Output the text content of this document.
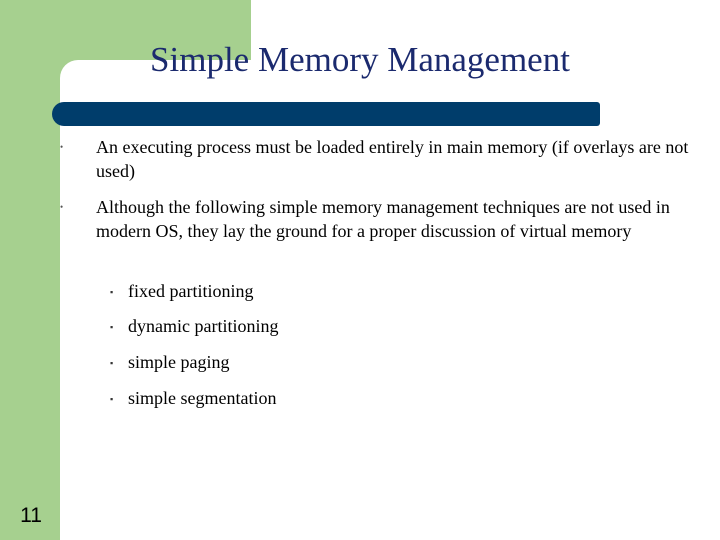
Simple Memory Management

• An executing process must be loaded entirely in main memory (if overlays are not used)

• Although the following simple memory management techniques are not used in modern OS, they lay the ground for a proper discussion of virtual memory

▪ fixed partitioning

▪ dynamic partitioning

▪ simple paging

▪ simple segmentation

11
